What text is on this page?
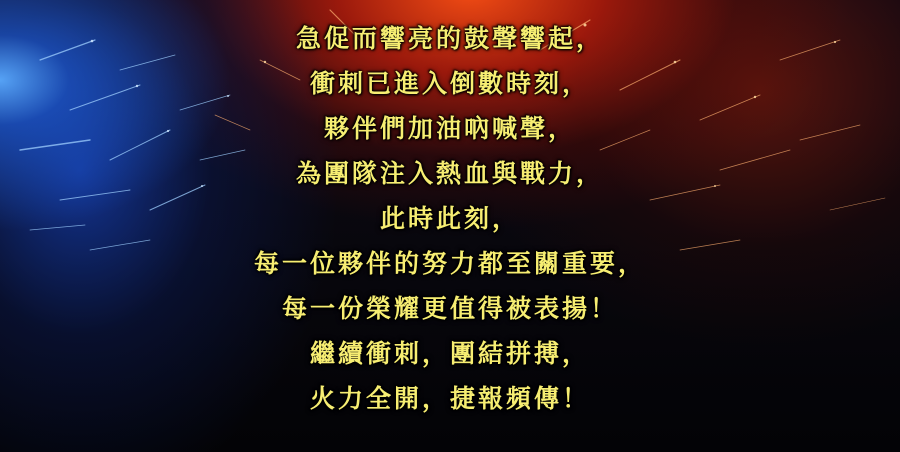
急促而響亮的鼓聲響起，
衝刺已進入倒數時刻，
夥伴們加油吶喊聲，
為團隊注入熱血與戰力，
此時此刻，
每一位夥伴的努力都至關重要，
每一份榮耀更值得被表揚！
繼續衝刺，團結拼搏，
火力全開，捷報頻傳！
